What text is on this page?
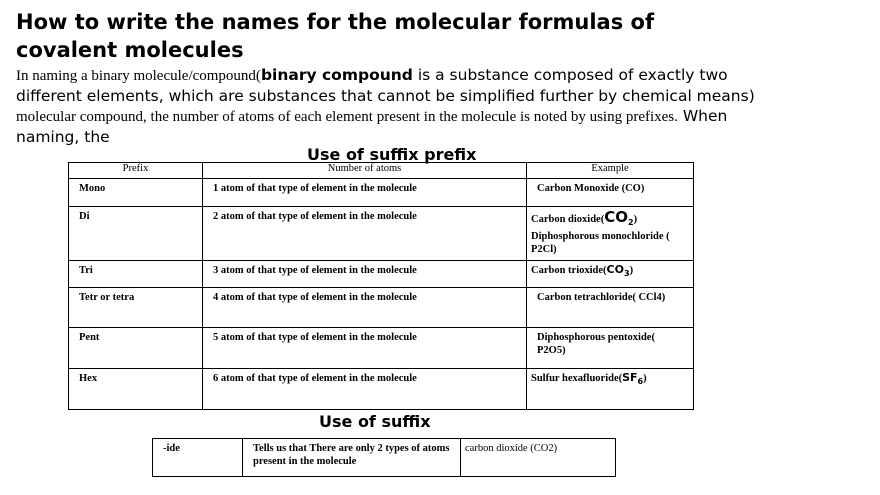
How to write the names for the molecular formulas of covalent molecules

In naming a binary molecule/compound(binary compound is a substance composed of exactly two different elements, which are substances that cannot be simplified further by chemical means) molecular compound, the number of atoms of each element present in the molecule is noted by using prefixes. When naming, the

Use of suffix prefix
Prefix	Number of atoms	Example
Mono	1 atom of that type of element in the molecule	Carbon Monoxide (CO)
Di	2 atom of that type of element in the molecule	Carbon $dioxide(CO_2)$
Diphosphorous monochloride ( P2Cl)

Tri	3 atom of that type of element in the molecule	Carbon $trioxide(CO_3)$
Tetr or tetra	4 atom of that type of element in the molecule	Carbon tetrachloride( CCl4)
Pent	5 atom of that type of element in the molecule	Diphosphorous pentoxide( P2O5)
Hex	6 atom of that type of element in the molecule	Sulfur $hexafluoride(SF_6)$
Use of suffix
-ide	Tells us that There are only 2 types of atoms present in the molecule	carbon dioxide (CO2)
